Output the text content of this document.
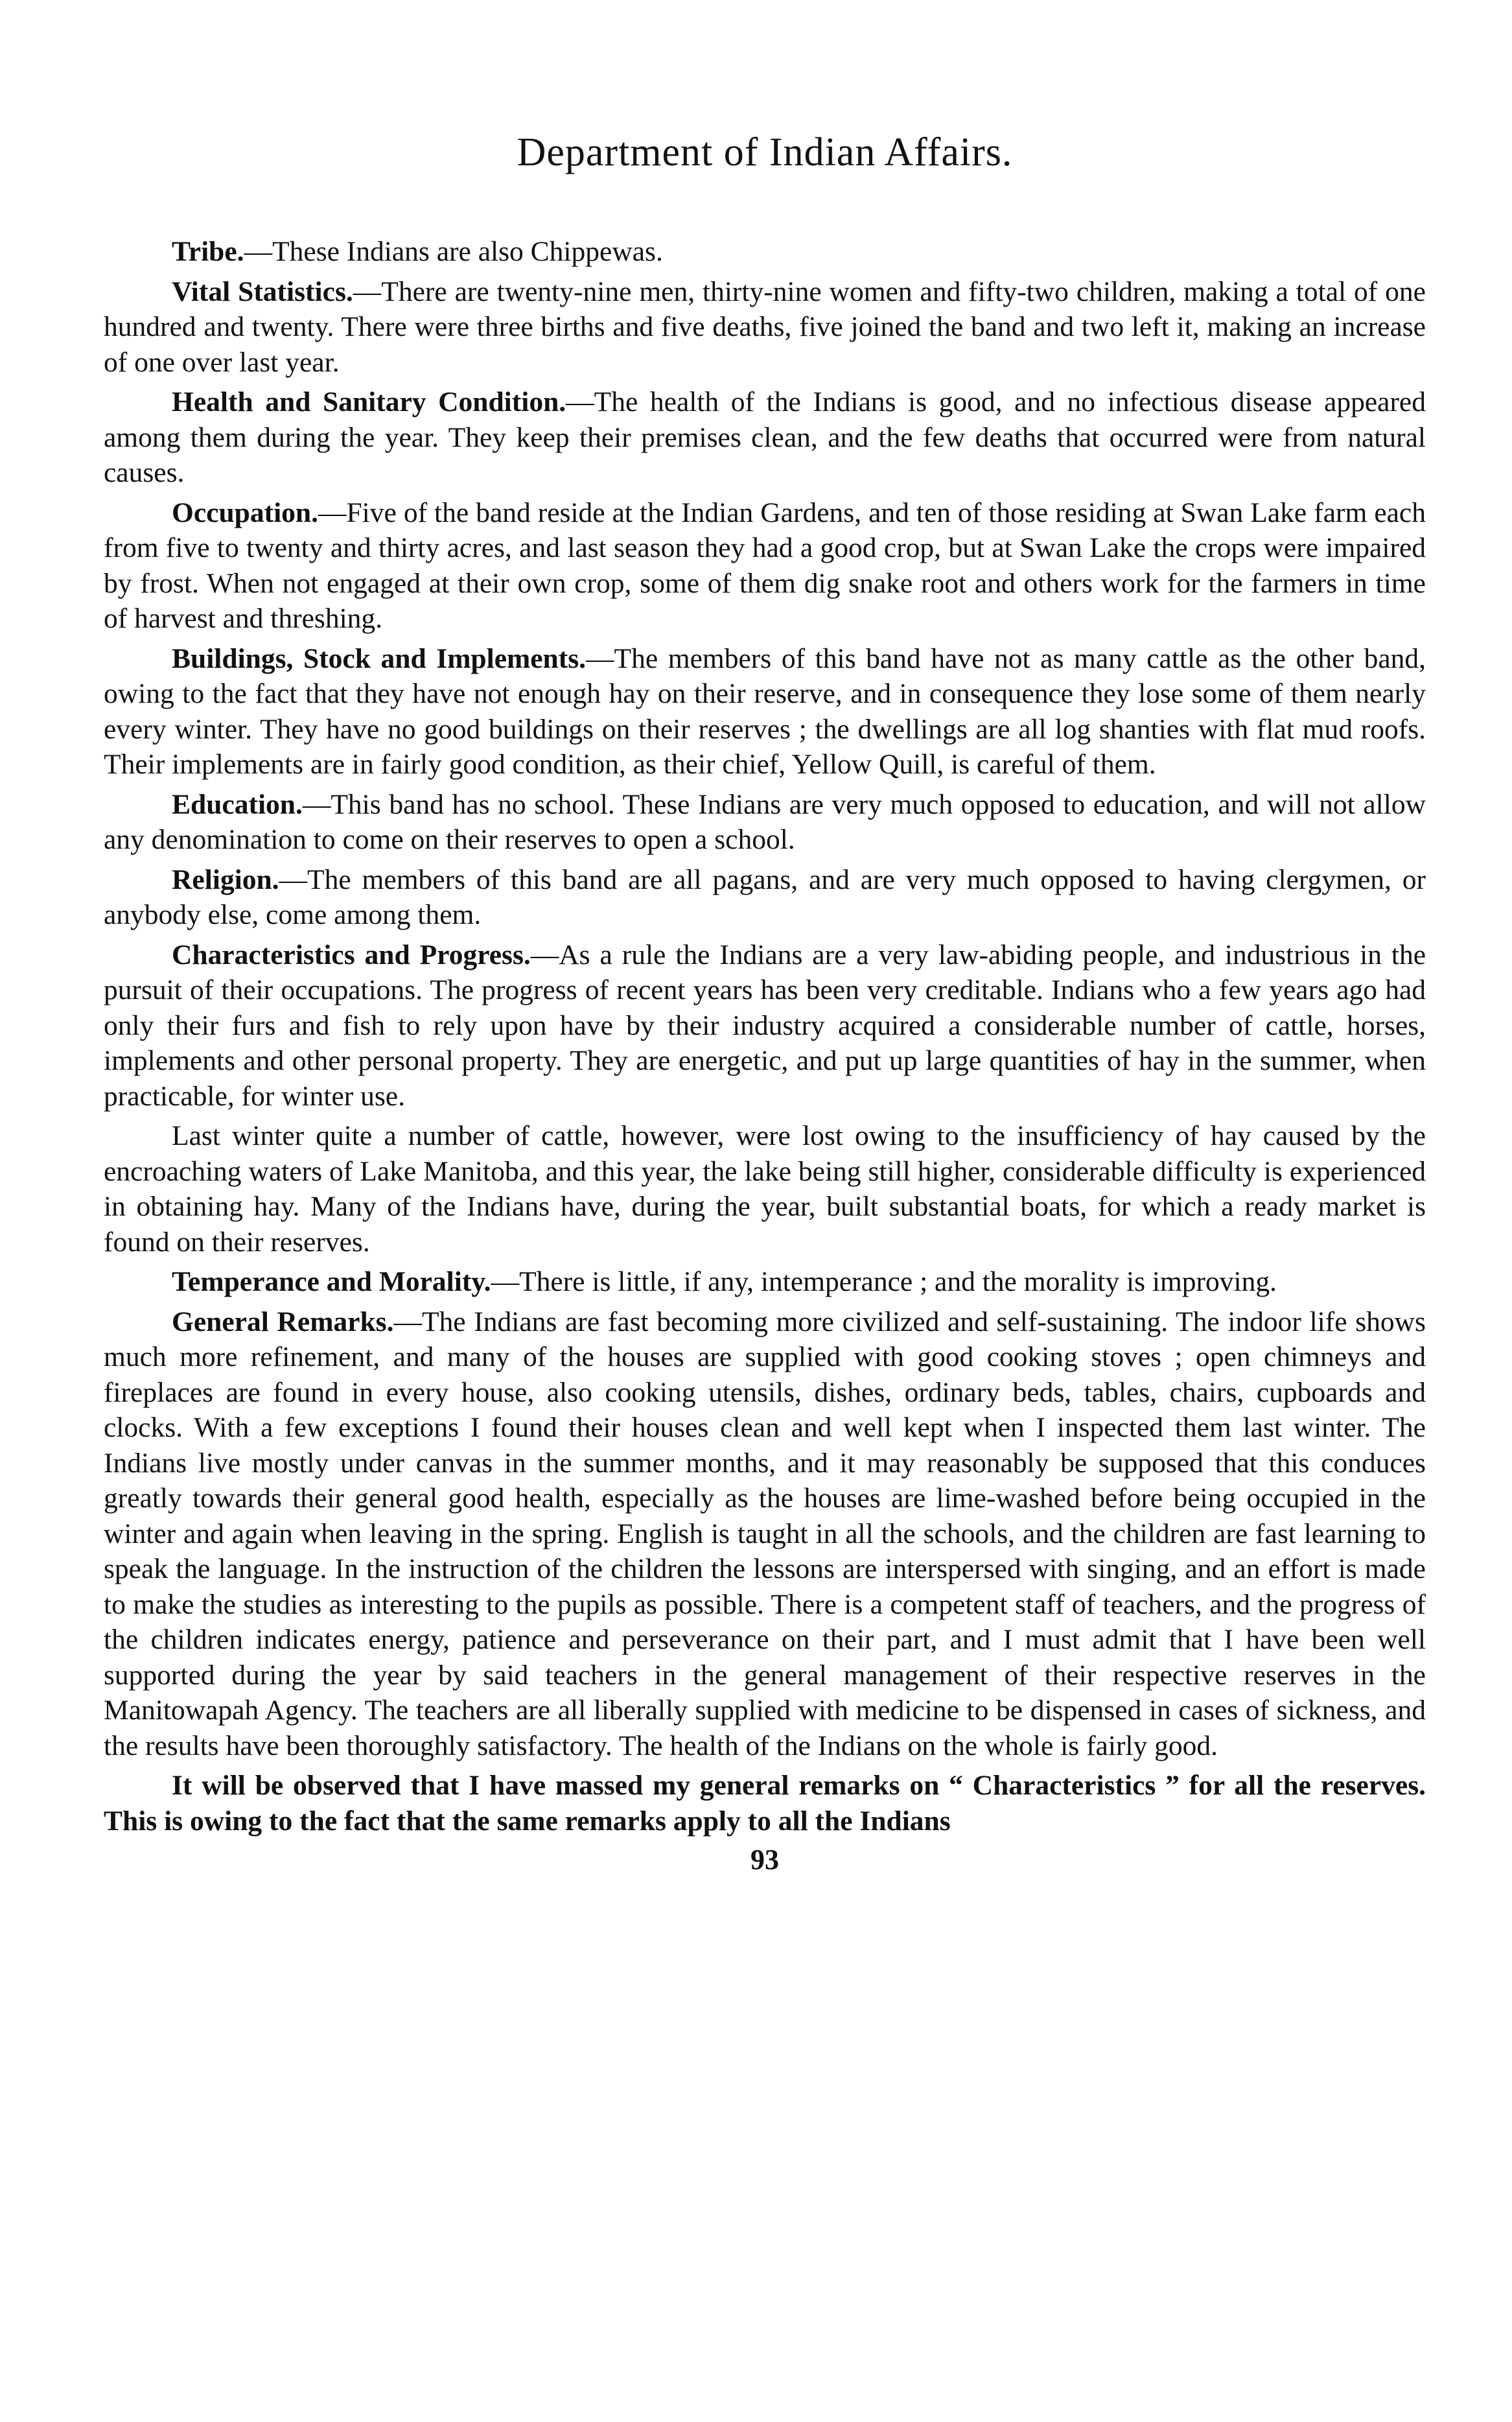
Department of Indian Affairs.

Tribe.—These Indians are also Chippewas.

Vital Statistics.—There are twenty-nine men, thirty-nine women and fifty-two children, making a total of one hundred and twenty. There were three births and five deaths, five joined the band and two left it, making an increase of one over last year.

Health and Sanitary Condition.—The health of the Indians is good, and no infectious disease appeared among them during the year. They keep their premises clean, and the few deaths that occurred were from natural causes.

Occupation.—Five of the band reside at the Indian Gardens, and ten of those residing at Swan Lake farm each from five to twenty and thirty acres, and last season they had a good crop, but at Swan Lake the crops were impaired by frost. When not engaged at their own crop, some of them dig snake root and others work for the farmers in time of harvest and threshing.

Buildings, Stock and Implements.—The members of this band have not as many cattle as the other band, owing to the fact that they have not enough hay on their reserve, and in consequence they lose some of them nearly every winter. They have no good buildings on their reserves ; the dwellings are all log shanties with flat mud roofs. Their implements are in fairly good condition, as their chief, Yellow Quill, is careful of them.

Education.—This band has no school. These Indians are very much opposed to education, and will not allow any denomination to come on their reserves to open a school.

Religion.—The members of this band are all pagans, and are very much opposed to having clergymen, or anybody else, come among them.

Characteristics and Progress.—As a rule the Indians are a very law-abiding people, and industrious in the pursuit of their occupations. The progress of recent years has been very creditable. Indians who a few years ago had only their furs and fish to rely upon have by their industry acquired a considerable number of cattle, horses, implements and other personal property. They are energetic, and put up large quantities of hay in the summer, when practicable, for winter use.

Last winter quite a number of cattle, however, were lost owing to the insufficiency of hay caused by the encroaching waters of Lake Manitoba, and this year, the lake being still higher, considerable difficulty is experienced in obtaining hay. Many of the Indians have, during the year, built substantial boats, for which a ready market is found on their reserves.

Temperance and Morality.—There is little, if any, intemperance ; and the morality is improving.

General Remarks.—The Indians are fast becoming more civilized and self-sustaining. The indoor life shows much more refinement, and many of the houses are supplied with good cooking stoves ; open chimneys and fireplaces are found in every house, also cooking utensils, dishes, ordinary beds, tables, chairs, cupboards and clocks. With a few exceptions I found their houses clean and well kept when I inspected them last winter. The Indians live mostly under canvas in the summer months, and it may reasonably be supposed that this conduces greatly towards their general good health, especially as the houses are lime-washed before being occupied in the winter and again when leaving in the spring. English is taught in all the schools, and the children are fast learning to speak the language. In the instruction of the children the lessons are interspersed with singing, and an effort is made to make the studies as interesting to the pupils as possible. There is a competent staff of teachers, and the progress of the children indicates energy, patience and perseverance on their part, and I must admit that I have been well supported during the year by said teachers in the general management of their respective reserves in the Manitowapah Agency. The teachers are all liberally supplied with medicine to be dispensed in cases of sickness, and the results have been thoroughly satisfactory. The health of the Indians on the whole is fairly good.

It will be observed that I have massed my general remarks on “ Characteristics ” for all the reserves. This is owing to the fact that the same remarks apply to all the Indians

93
